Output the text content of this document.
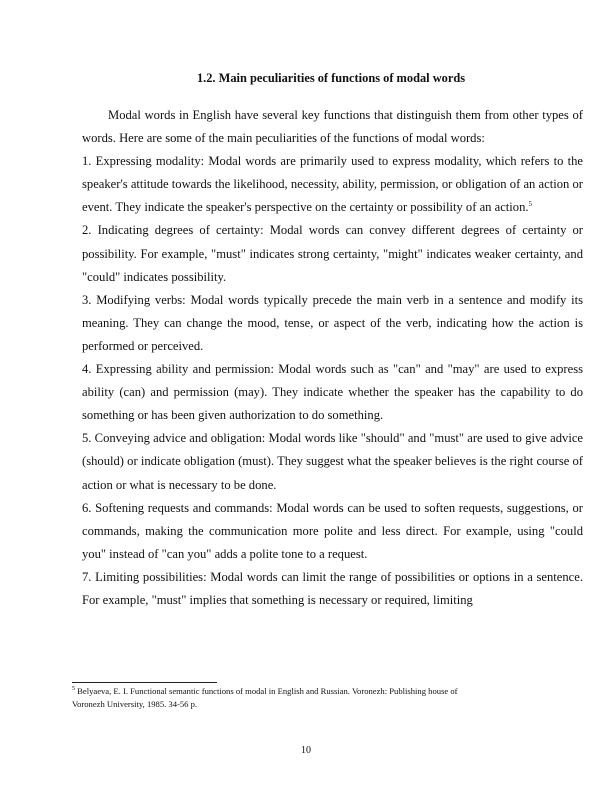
1.2. Main peculiarities of functions of modal words

Modal words in English have several key functions that distinguish them from other types of words. Here are some of the main peculiarities of the functions of modal words:

1. Expressing modality: Modal words are primarily used to express modality, which refers to the speaker's attitude towards the likelihood, necessity, ability, permission, or obligation of an action or event. They indicate the speaker's perspective on the certainty or possibility of an action.$^5$

2. Indicating degrees of certainty: Modal words can convey different degrees of certainty or possibility. For example, "must" indicates strong certainty, "might" indicates weaker certainty, and "could" indicates possibility.

3. Modifying verbs: Modal words typically precede the main verb in a sentence and modify its meaning. They can change the mood, tense, or aspect of the verb, indicating how the action is performed or perceived.

4. Expressing ability and permission: Modal words such as "can" and "may" are used to express ability (can) and permission (may). They indicate whether the speaker has the capability to do something or has been given authorization to do something.

5. Conveying advice and obligation: Modal words like "should" and "must" are used to give advice (should) or indicate obligation (must). They suggest what the speaker believes is the right course of action or what is necessary to be done.

6. Softening requests and commands: Modal words can be used to soften requests, suggestions, or commands, making the communication more polite and less direct. For example, using "could you" instead of "can you" adds a polite tone to a request.

7. Limiting possibilities: Modal words can limit the range of possibilities or options in a sentence. For example, "must" implies that something is necessary or required, limiting

$^5$ Belyaeva, E. I. Functional semantic functions of modal in English and Russian. Voronezh: Publishing house of
Voronezh University, 1985. 34-56 p.
10
